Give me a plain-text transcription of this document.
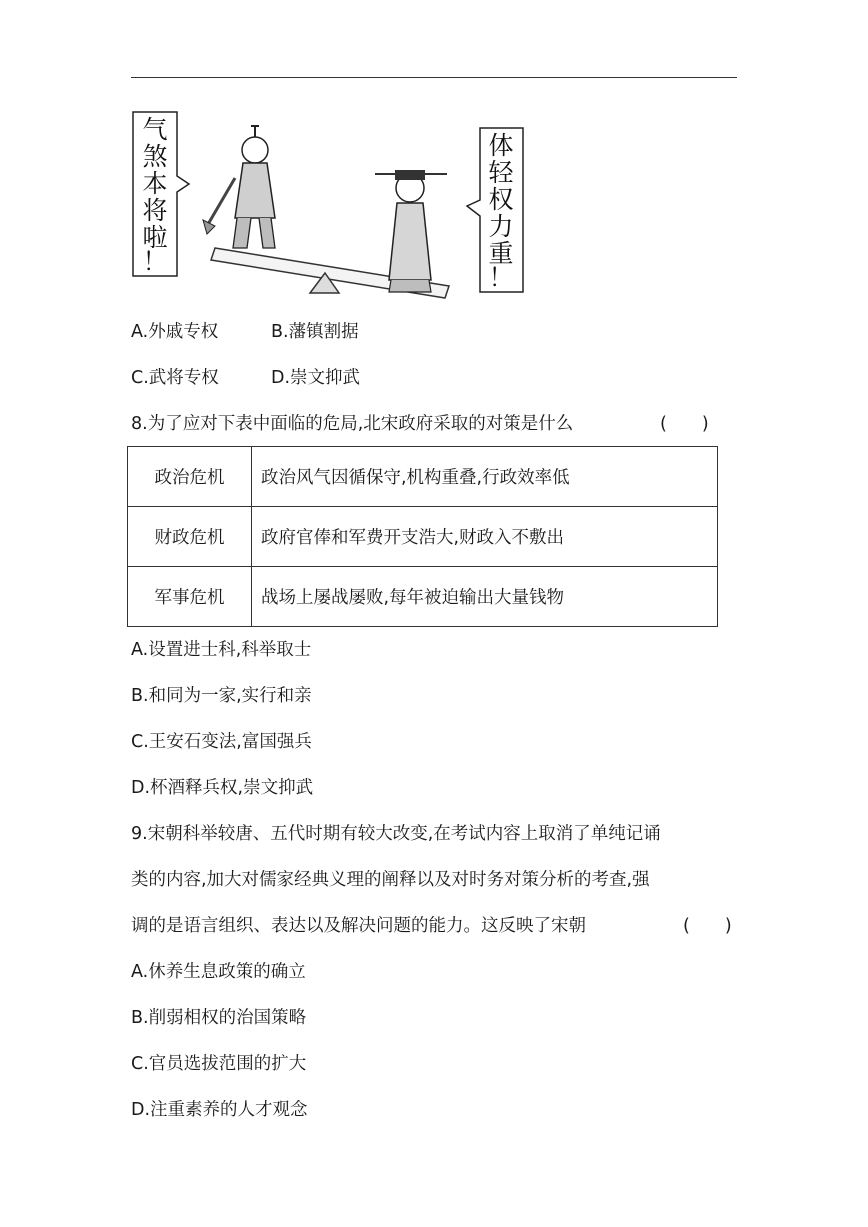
气
煞
本
将
啦
！
体
轻
权
力
重
！
A.外戚专权	B.藩镇割据
C.武将专权	D.崇文抑武
8.为了应对下表中面临的危局,北宋政府采取的对策是什么	(　　)
政治危机	政治风气因循保守,机构重叠,行政效率低
财政危机	政府官俸和军费开支浩大,财政入不敷出
军事危机	战场上屡战屡败,每年被迫输出大量钱物
A.设置进士科,科举取士
B.和同为一家,实行和亲
C.王安石变法,富国强兵
D.杯酒释兵权,崇文抑武
9.宋朝科举较唐、五代时期有较大改变,在考试内容上取消了单纯记诵
类的内容,加大对儒家经典义理的阐释以及对时务对策分析的考查,强
调的是语言组织、表达以及解决问题的能力。这反映了宋朝	(　　)
A.休养生息政策的确立
B.削弱相权的治国策略
C.官员选拔范围的扩大
D.注重素养的人才观念
